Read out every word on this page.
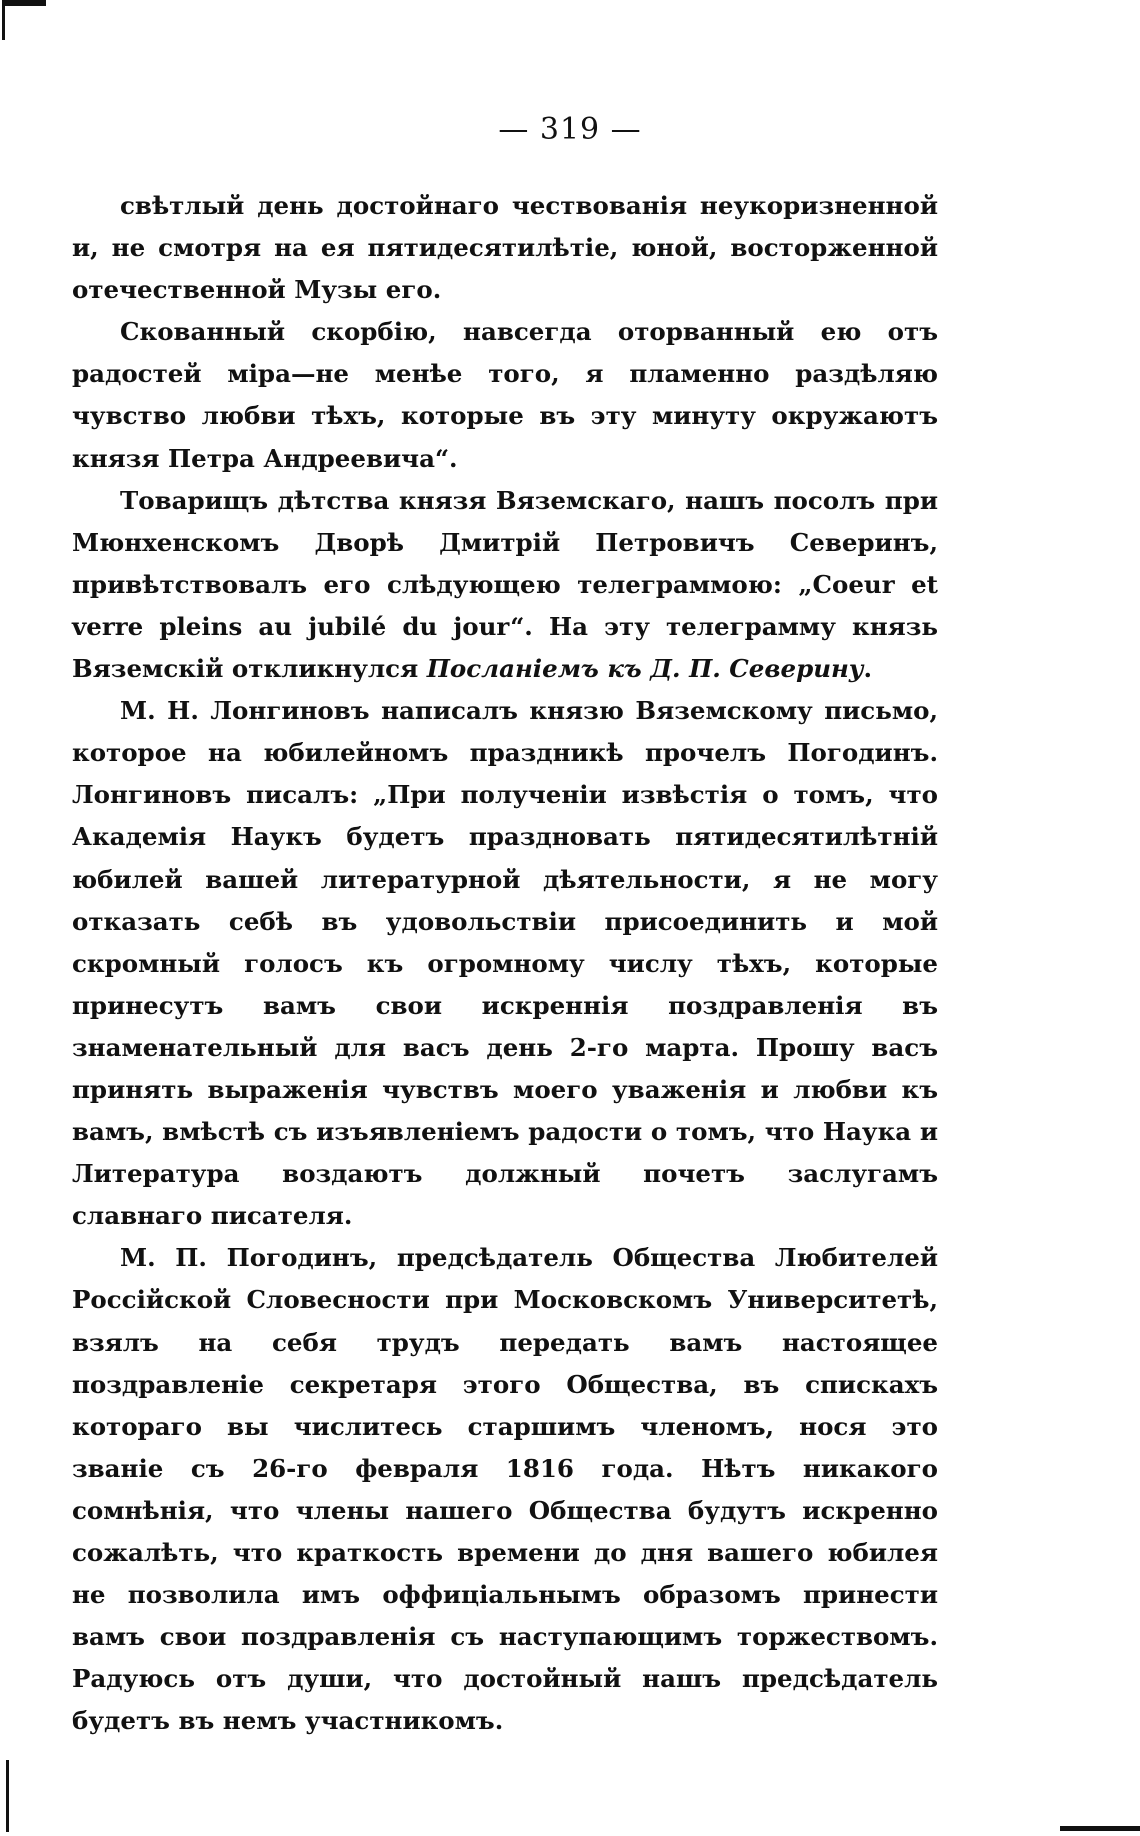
— 319 —

свѣтлый день достойнаго чествованія неукоризненной и, не смотря на ея пятидесятилѣтіе, юной, восторженной отечественной Музы его.

Скованный скорбію, навсегда оторванный ею отъ радостей міра—не менѣе того, я пламенно раздѣляю чувство любви тѣхъ, которые въ эту минуту окружаютъ князя Петра Андреевича“.

Товарищъ дѣтства князя Вяземскаго, нашъ посолъ при Мюнхенскомъ Дворѣ Дмитрій Петровичъ Северинъ, привѣтствовалъ его слѣдующею телеграммою: „Coeur et verre pleins au jubilé du jour“. На эту телеграмму князь Вяземскій откликнулся Посланіемъ къ Д. П. Северину.

М. Н. Лонгиновъ написалъ князю Вяземскому письмо, которое на юбилейномъ праздникѣ прочелъ Погодинъ. Лонгиновъ писалъ: „При полученіи извѣстія о томъ, что Академія Наукъ будетъ праздновать пятидесятилѣтній юбилей вашей литературной дѣятельности, я не могу отказать себѣ въ удовольствіи присоединить и мой скромный голосъ къ огромному числу тѣхъ, которые принесутъ вамъ свои искреннія поздравленія въ знаменательный для васъ день 2-го марта. Прошу васъ принять выраженія чувствъ моего уваженія и любви къ вамъ, вмѣстѣ съ изъявленіемъ радости о томъ, что Наука и Литература воздаютъ должный почетъ заслугамъ славнаго писателя.

М. П. Погодинъ, предсѣдатель Общества Любителей Россійской Словесности при Московскомъ Университетѣ, взялъ на себя трудъ передать вамъ настоящее поздравленіе секретаря этого Общества, въ спискахъ котораго вы числитесь старшимъ членомъ, нося это званіе съ 26-го февраля 1816 года. Нѣтъ никакого сомнѣнія, что члены нашего Общества будутъ искренно сожалѣть, что краткость времени до дня вашего юбилея не позволила имъ оффиціальнымъ образомъ принести вамъ свои поздравленія съ наступающимъ торжествомъ. Радуюсь отъ души, что достойный нашъ предсѣдатель будетъ въ немъ участникомъ.
